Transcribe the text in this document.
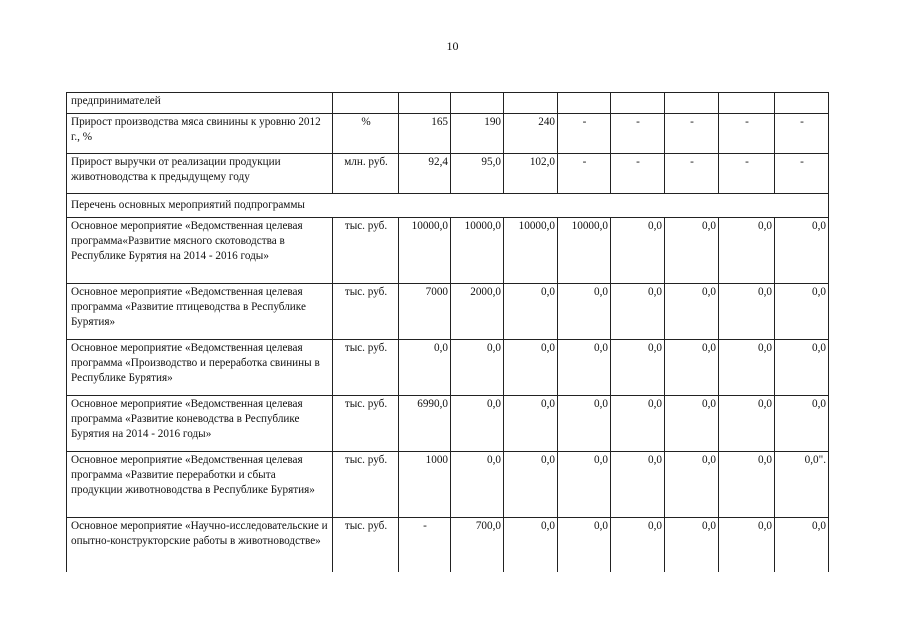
10
предпринимателей									
Прирост производства мяса свинины к уровню 2012 г., %	%	165	190	240	-	-	-	-	-
Прирост выручки от реализации продукции животноводства к предыдущему году	млн. руб.	92,4	95,0	102,0	-	-	-	-	-
Перечень основных мероприятий подпрограммы									
Основное мероприятие «Ведомственная целевая программа«Развитие мясного скотоводства в Республике Бурятия на 2014 - 2016 годы»	тыс. руб.	10000,0	10000,0	10000,0	10000,0	0,0	0,0	0,0	0,0
Основное мероприятие «Ведомственная целевая программа «Развитие птицеводства в Республике Бурятия»	тыс. руб.	7000	2000,0	0,0	0,0	0,0	0,0	0,0	0,0
Основное мероприятие «Ведомственная целевая программа «Производство и переработка свинины в Республике Бурятия»	тыс. руб.	0,0	0,0	0,0	0,0	0,0	0,0	0,0	0,0
Основное мероприятие «Ведомственная целевая программа «Развитие коневодства в Республике Бурятия на 2014 - 2016 годы»	тыс. руб.	6990,0	0,0	0,0	0,0	0,0	0,0	0,0	0,0
Основное мероприятие «Ведомственная целевая программа «Развитие переработки и сбыта продукции животноводства в Республике Бурятия»	тыс. руб.	1000	0,0	0,0	0,0	0,0	0,0	0,0	0,0".
Основное мероприятие «Научно-исследовательские и опытно-конструкторские работы в животноводстве»	тыс. руб.	-	700,0	0,0	0,0	0,0	0,0	0,0	0,0
